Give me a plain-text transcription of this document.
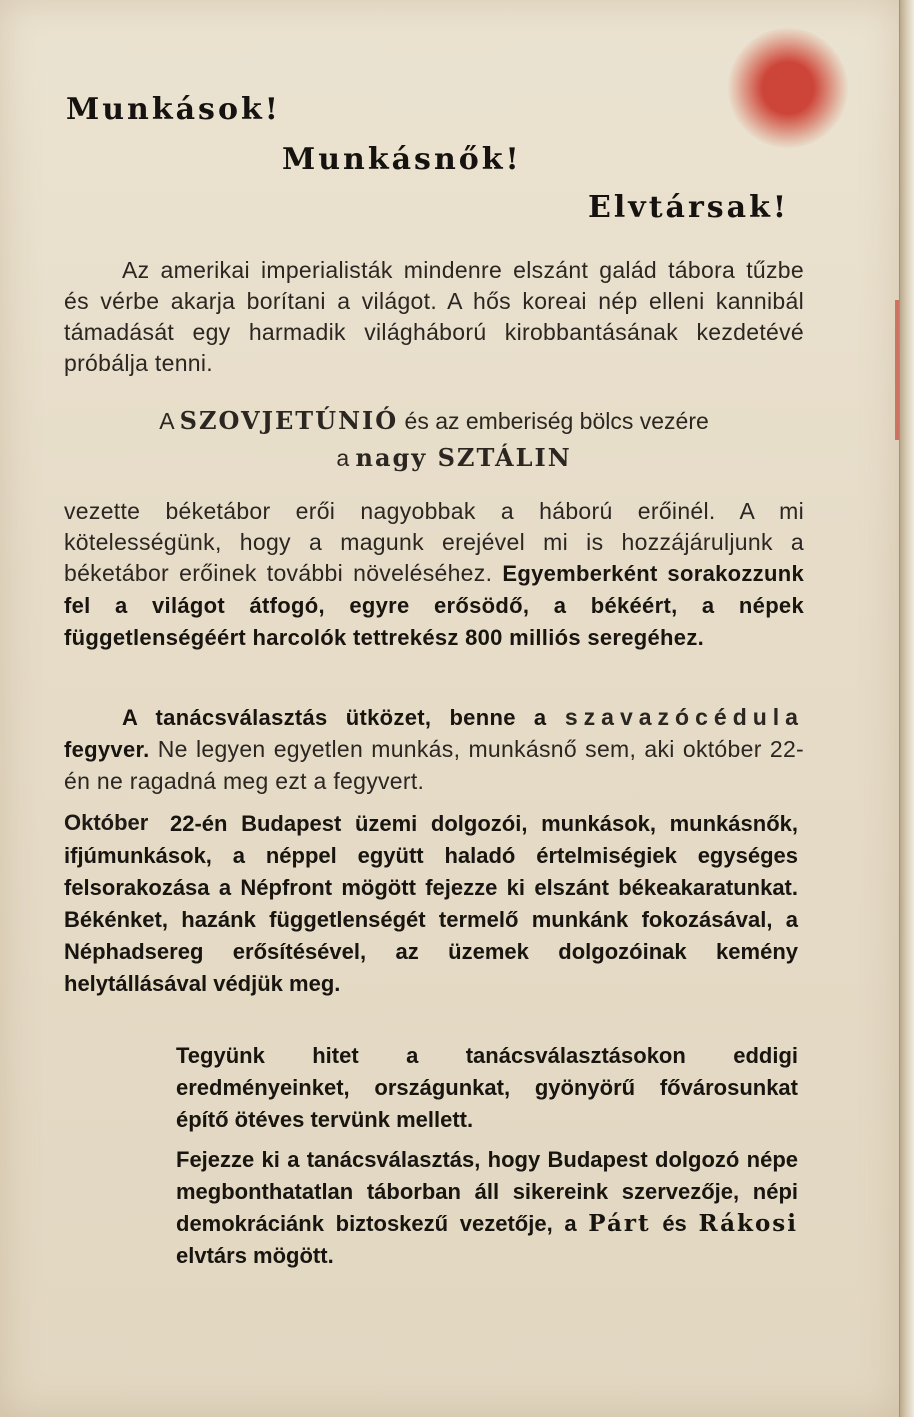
Munkások!
Munkásnők!
Elvtársak!

Az amerikai imperialisták mindenre elszánt galád tábora tűzbe és vérbe akarja borítani a világot. A hős koreai nép elleni kannibál támadását egy harmadik világháború kirobbantásának kezdetévé próbálja tenni.

A SZOVJETÚNIÓ és az emberiség bölcs vezére
a nagy SZTÁLIN

vezette béketábor erői nagyobbak a háború erőinél. A mi kötelességünk, hogy a magunk erejével mi is hozzájáruljunk a béketábor erőinek további növeléséhez. Egyemberként sorakozzunk fel a világot átfogó, egyre erősödő, a békéért, a népek függetlenségéért harcolók tettrekész 800 milliós seregéhez.

A tanácsválasztás ütközet, benne a szavazócédula fegyver. Ne legyen egyetlen munkás, munkásnő sem, aki október 22-én ne ragadná meg ezt a fegyvert.

Október 22-én Budapest üzemi dolgozói, munkások, munkásnők, ifjúmunkások, a néppel együtt haladó értelmiségiek egységes felsorakozása a Népfront mögött fejezze ki elszánt békeakaratunkat. Békénket, hazánk függetlenségét termelő munkánk fokozásával, a Néphadsereg erősítésével, az üzemek dolgozóinak kemény helytállásával védjük meg.

Tegyünk hitet a tanácsválasztásokon eddigi eredményeinket, országunkat, gyönyörű fővárosunkat építő ötéves tervünk mellett.

Fejezze ki a tanácsválasztás, hogy Budapest dolgozó népe megbonthatatlan táborban áll sikereink szervezője, népi demokráciánk biztoskezű vezetője, a Párt és Rákosi elvtárs mögött.
